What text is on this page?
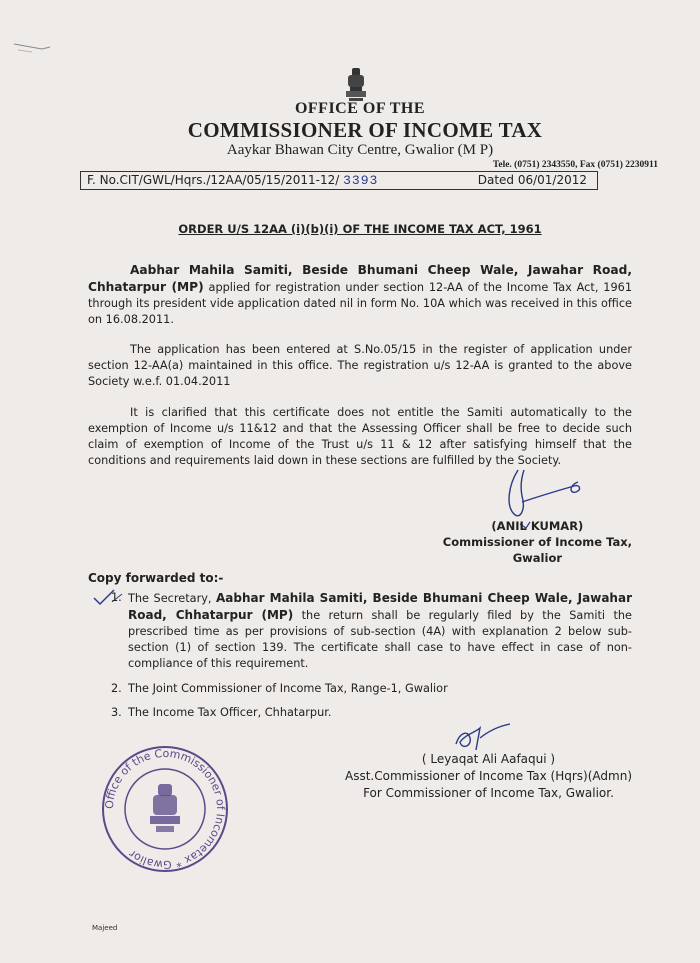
OFFICE OF THE
COMMISSIONER OF INCOME TAX
Aaykar Bhawan City Centre, Gwalior (M P)
Tele. (0751) 2343550, Fax (0751) 2230911
F. No.CIT/GWL/Hqrs./12AA/05/15/2011-12/ 3393	Dated 06/01/2012
ORDER U/S 12AA (i)(b)(i) OF THE INCOME TAX ACT, 1961
Aabhar Mahila Samiti, Beside Bhumani Cheep Wale, Jawahar Road, Chhatarpur (MP) applied for registration under section 12-AA of the Income Tax Act, 1961 through its president vide application dated nil in form No. 10A which was received in this office on 16.08.2011.
The application has been entered at S.No.05/15 in the register of application under section 12-AA(a) maintained in this office. The registration u/s 12-AA is granted to the above Society w.e.f. 01.04.2011
It is clarified that this certificate does not entitle the Samiti automatically to the exemption of Income u/s 11&12 and that the Assessing Officer shall be free to decide such claim of exemption of Income of the Trust u/s 11 & 12 after satisfying himself that the conditions and requirements laid down in these sections are fulfilled by the Society.
(ANIL KUMAR)
Commissioner of Income Tax,
Gwalior
Copy forwarded to:-
1. The Secretary, Aabhar Mahila Samiti, Beside Bhumani Cheep Wale, Jawahar Road, Chhatarpur (MP) the return shall be regularly filed by the Samiti the prescribed time as per provisions of sub-section (4A) with explanation 2 below sub-section (1) of section 139. The certificate shall case to have effect in case of non-compliance of this requirement.
2. The Joint Commissioner of Income Tax, Range-1, Gwalior
3. The Income Tax Officer, Chhatarpur.
Office of the Commissioner of Incometax * Gwalior
( Leyaqat Ali Aafaqui )
Asst.Commissioner of Income Tax (Hqrs)(Admn)
For Commissioner of Income Tax, Gwalior.
Majeed
